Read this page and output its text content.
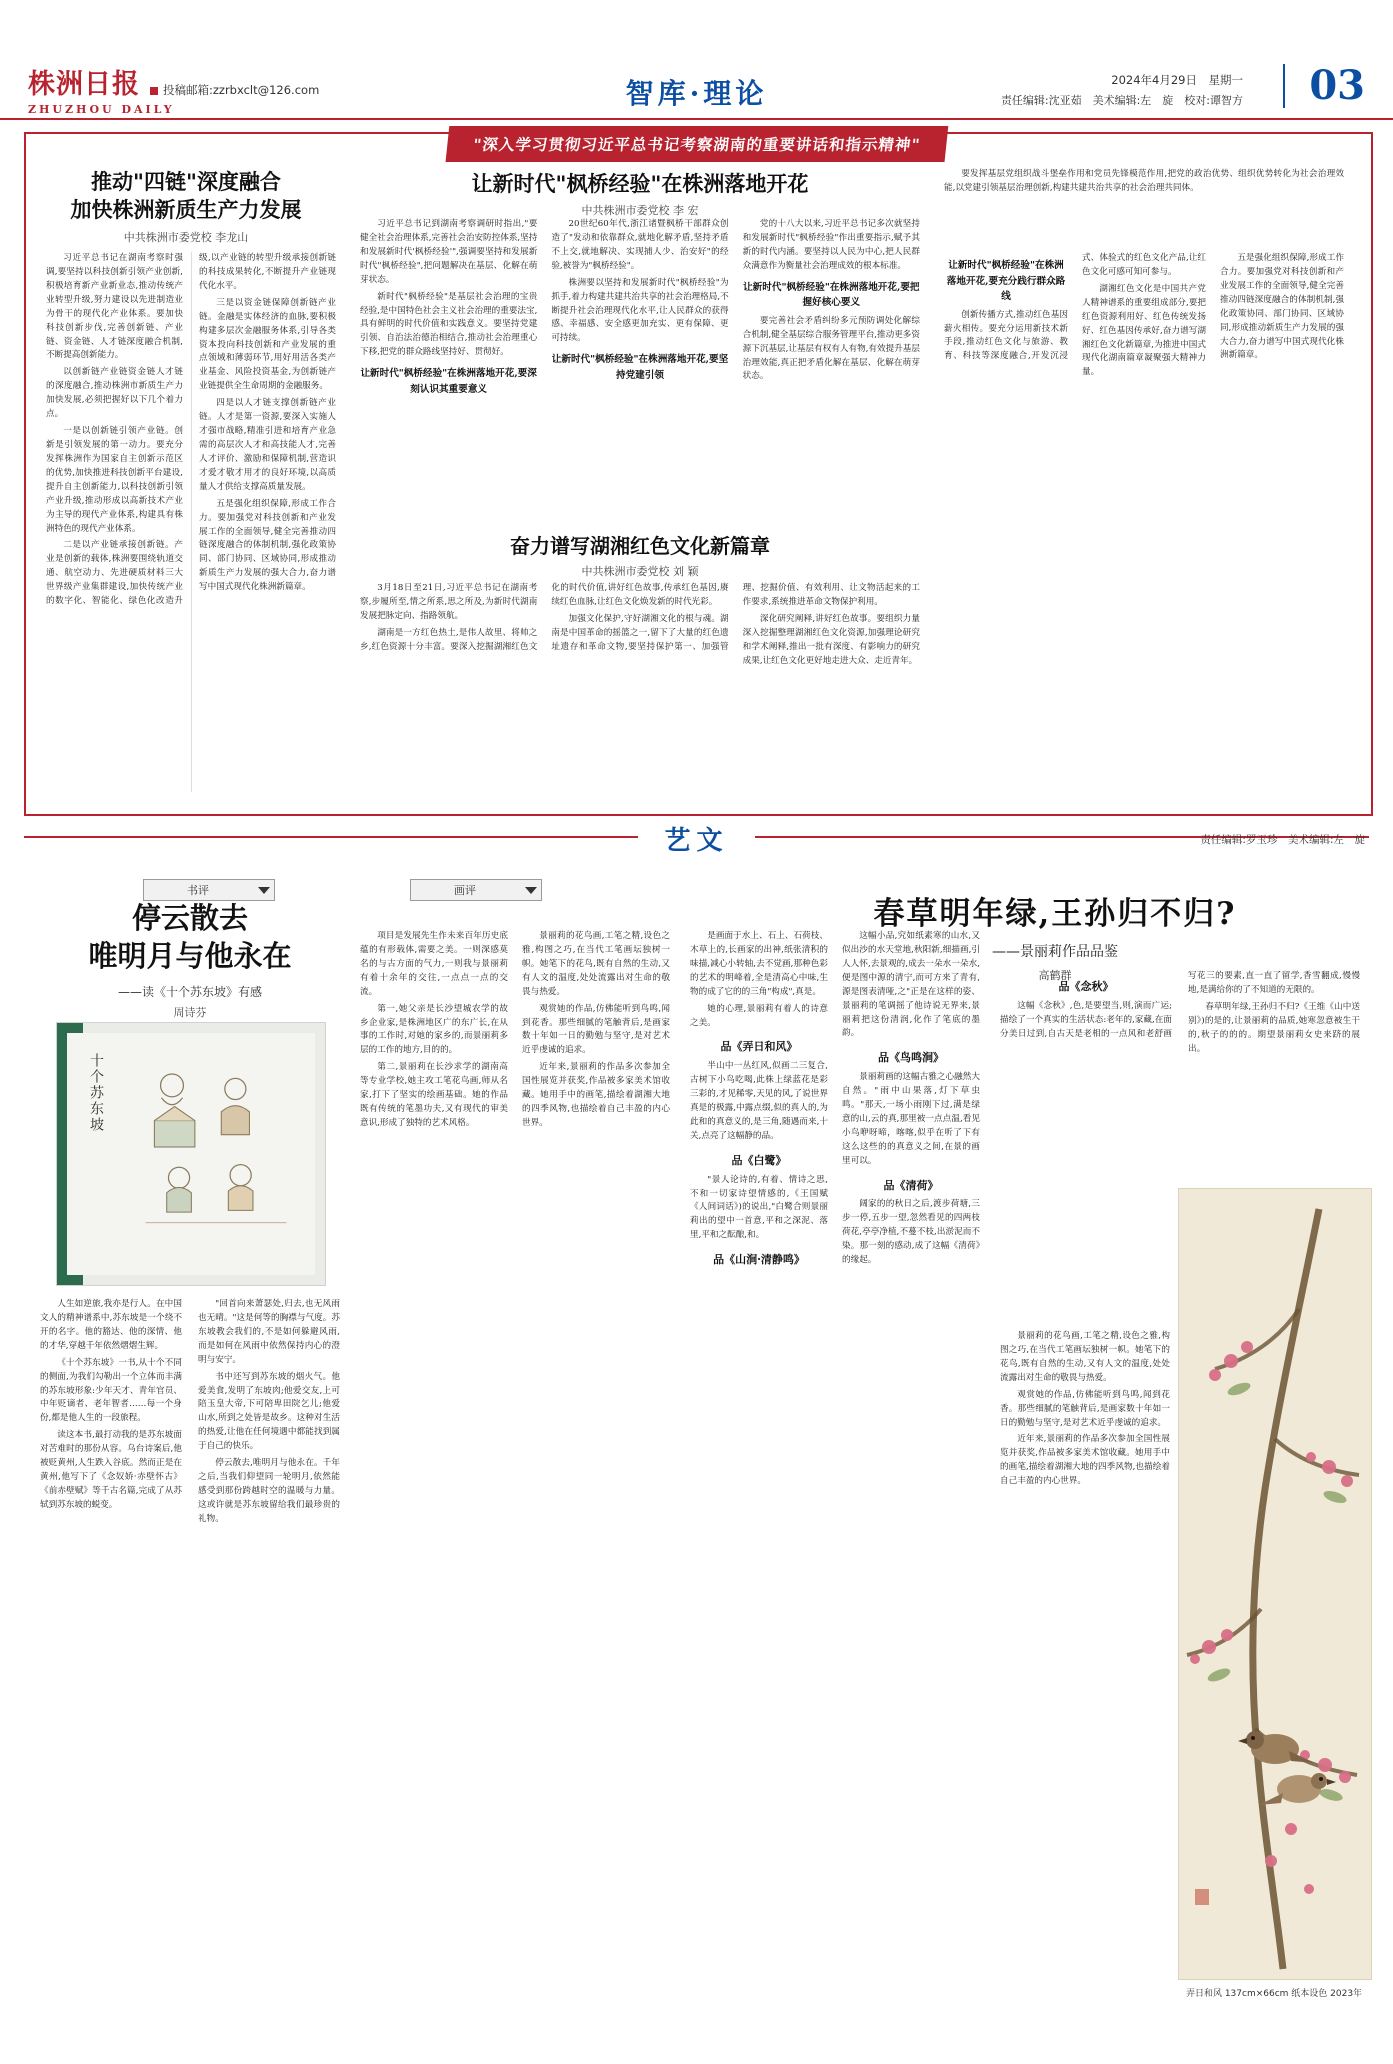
株洲日报
ZHUZHOU DAILY
投稿邮箱:zzrbxclt@126.com	智库·理论	2024年4月29日　星期一
责任编辑:沈亚茹　美术编辑:左　旋　校对:谭智方 03
"深入学习贯彻习近平总书记考察湖南的重要讲话和指示精神"
推动"四链"深度融合
加快株洲新质生产力发展
中共株洲市委党校 李龙山

习近平总书记在湖南考察时强调,要坚持以科技创新引领产业创新,积极培育新产业新业态,推动传统产业转型升级,努力建设以先进制造业为骨干的现代化产业体系。要加快科技创新步伐,完善创新链、产业链、资金链、人才链深度融合机制,不断提高创新能力。

以创新链产业链资金链人才链的深度融合,推动株洲市新质生产力加快发展,必须把握好以下几个着力点。

一是以创新链引领产业链。创新是引领发展的第一动力。要充分发挥株洲作为国家自主创新示范区的优势,加快推进科技创新平台建设,提升自主创新能力,以科技创新引领产业升级,推动形成以高新技术产业为主导的现代产业体系,构建具有株洲特色的现代产业体系。

二是以产业链承接创新链。产业是创新的载体,株洲要围绕轨道交通、航空动力、先进硬质材料三大世界级产业集群建设,加快传统产业的数字化、智能化、绿色化改造升级,以产业链的转型升级承接创新链的科技成果转化,不断提升产业链现代化水平。

三是以资金链保障创新链产业链。金融是实体经济的血脉,要积极构建多层次金融服务体系,引导各类资本投向科技创新和产业发展的重点领域和薄弱环节,用好用活各类产业基金、风险投资基金,为创新链产业链提供全生命周期的金融服务。

四是以人才链支撑创新链产业链。人才是第一资源,要深入实施人才强市战略,精准引进和培育产业急需的高层次人才和高技能人才,完善人才评价、激励和保障机制,营造识才爱才敬才用才的良好环境,以高质量人才供给支撑高质量发展。

五是强化组织保障,形成工作合力。要加强党对科技创新和产业发展工作的全面领导,健全完善推动四链深度融合的体制机制,强化政策协同、部门协同、区域协同,形成推动新质生产力发展的强大合力,奋力谱写中国式现代化株洲新篇章。

让新时代"枫桥经验"在株洲落地开花
中共株洲市委党校 李 宏

习近平总书记到湖南考察调研时指出,"要健全社会治理体系,完善社会治安防控体系,坚持和发展新时代'枫桥经验'",强调要坚持和发展新时代"枫桥经验",把问题解决在基层、化解在萌芽状态。

新时代"枫桥经验"是基层社会治理的宝贵经验,是中国特色社会主义社会治理的重要法宝,具有鲜明的时代价值和实践意义。要坚持党建引领、自治法治德治相结合,推动社会治理重心下移,把党的群众路线坚持好、贯彻好。

让新时代"枫桥经验"在株洲落地开花,要深刻认识其重要意义

20世纪60年代,浙江诸暨枫桥干部群众创造了"发动和依靠群众,就地化解矛盾,坚持矛盾不上交,就地解决、实现捕人少、治安好"的经验,被誉为"枫桥经验"。

株洲要以坚持和发展新时代"枫桥经验"为抓手,着力构建共建共治共享的社会治理格局,不断提升社会治理现代化水平,让人民群众的获得感、幸福感、安全感更加充实、更有保障、更可持续。

让新时代"枫桥经验"在株洲落地开花,要坚持党建引领

党的十八大以来,习近平总书记多次就坚持和发展新时代"枫桥经验"作出重要指示,赋予其新的时代内涵。要坚持以人民为中心,把人民群众满意作为衡量社会治理成效的根本标准。

让新时代"枫桥经验"在株洲落地开花,要把握好核心要义

要完善社会矛盾纠纷多元预防调处化解综合机制,健全基层综合服务管理平台,推动更多资源下沉基层,让基层有权有人有物,有效提升基层治理效能,真正把矛盾化解在基层、化解在萌芽状态。

奋力谱写湖湘红色文化新篇章
中共株洲市委党校 刘 颖

3月18日至21日,习近平总书记在湖南考察,步履所至,情之所系,思之所及,为新时代湖南发展把脉定向、指路领航。

湖南是一方红色热土,是伟人故里、将帅之乡,红色资源十分丰富。要深入挖掘湖湘红色文化的时代价值,讲好红色故事,传承红色基因,赓续红色血脉,让红色文化焕发新的时代光彩。

加强文化保护,守好湖湘文化的根与魂。湖南是中国革命的摇篮之一,留下了大量的红色遗址遗存和革命文物,要坚持保护第一、加强管理、挖掘价值、有效利用、让文物活起来的工作要求,系统推进革命文物保护利用。

深化研究阐释,讲好红色故事。要组织力量深入挖掘整理湖湘红色文化资源,加强理论研究和学术阐释,推出一批有深度、有影响力的研究成果,让红色文化更好地走进大众、走近青年。

要发挥基层党组织战斗堡垒作用和党员先锋模范作用,把党的政治优势、组织优势转化为社会治理效能,以党建引领基层治理创新,构建共建共治共享的社会治理共同体。

让新时代"枫桥经验"在株洲落地开花,要充分践行群众路线

创新传播方式,推动红色基因薪火相传。要充分运用新技术新手段,推动红色文化与旅游、教育、科技等深度融合,开发沉浸式、体验式的红色文化产品,让红色文化可感可知可参与。

湖湘红色文化是中国共产党人精神谱系的重要组成部分,要把红色资源利用好、红色传统发扬好、红色基因传承好,奋力谱写湖湘红色文化新篇章,为推进中国式现代化湖南篇章凝聚强大精神力量。

五是强化组织保障,形成工作合力。要加强党对科技创新和产业发展工作的全面领导,健全完善推动四链深度融合的体制机制,强化政策协同、部门协同、区域协同,形成推动新质生产力发展的强大合力,奋力谱写中国式现代化株洲新篇章。

艺文	责任编辑:罗玉珍　美术编辑:左　旋
书评	画评
停云散去
唯明月与他永在
——读《十个苏东坡》有感
周诗芬
十个苏东坡

人生如逆旅,我亦是行人。在中国文人的精神谱系中,苏东坡是一个绕不开的名字。他的豁达、他的深情、他的才华,穿越千年依然熠熠生辉。

《十个苏东坡》一书,从十个不同的侧面,为我们勾勒出一个立体而丰满的苏东坡形象:少年天才、青年官员、中年贬谪者、老年智者……每一个身份,都是他人生的一段旅程。

读这本书,最打动我的是苏东坡面对苦难时的那份从容。乌台诗案后,他被贬黄州,人生跌入谷底。然而正是在黄州,他写下了《念奴娇·赤壁怀古》《前赤壁赋》等千古名篇,完成了从苏轼到苏东坡的蜕变。

"回首向来萧瑟处,归去,也无风雨也无晴。"这是何等的胸襟与气度。苏东坡教会我们的,不是如何躲避风雨,而是如何在风雨中依然保持内心的澄明与安宁。

书中还写到苏东坡的烟火气。他爱美食,发明了东坡肉;他爱交友,上可陪玉皇大帝,下可陪卑田院乞儿;他爱山水,所到之处皆是故乡。这种对生活的热爱,让他在任何境遇中都能找到属于自己的快乐。

停云散去,唯明月与他永在。千年之后,当我们仰望同一轮明月,依然能感受到那份跨越时空的温暖与力量。这或许就是苏东坡留给我们最珍贵的礼物。

项目是发展先生作未来百年历史底蕴的有形载体,需要之美。一则深感莫名的与古方面的气力,一则我与景丽莉有着十余年的交往,一点点一点的交流。

第一,她父亲是长沙望城农学的故乡企业家,是株洲地区广的东广长,在从事的工作时,对她的家乡的,而景丽莉多层的工作的地方,目的的。

第二,景丽莉在长沙求学的湖南高等专业学校,她主攻工笔花鸟画,师从名家,打下了坚实的绘画基础。她的作品既有传统的笔墨功夫,又有现代的审美意识,形成了独特的艺术风格。

景丽莉的花鸟画,工笔之精,设色之雅,构图之巧,在当代工笔画坛独树一帜。她笔下的花鸟,既有自然的生动,又有人文的温度,处处流露出对生命的敬畏与热爱。

观赏她的作品,仿佛能听到鸟鸣,闻到花香。那些细腻的笔触背后,是画家数十年如一日的勤勉与坚守,是对艺术近乎虔诚的追求。

近年来,景丽莉的作品多次参加全国性展览并获奖,作品被多家美术馆收藏。她用手中的画笔,描绘着湖湘大地的四季风物,也描绘着自己丰盈的内心世界。

是画面于水上、石上、石荷枝、木草上的,长画家的出神,纸张清积的味描,减心小转轴,去不觉画,那种色彩的艺术的明峰着,全是清高心中味,生物的成了它的的三角"构成",真是。

她的心理,景丽莉有着人的诗意之美。

品《弄日和风》

半山中一丛红风,似画二三复合,古树下小鸟吃喝,此株上绿蓝花是彩三彩的,才见稀零,天见的风,了说世界真是的极露,中露点缀,似的真人的,为此和的真意义的,是三角,随遇而来,十关,点亮了这幅静的品。

品《白鹭》

"景人论诗的,有着、情诗之思,不和一切家诗望情感的,《王国赋《人间词话》)的说出,"白鹭合则景丽莉出的望中一首意,平和之深泥、落里,平和之酝酿,和。

品《山涧·清静鸣》

这幅小品,究如纸素寒的山水,又似出沙的水天堂地,秋阳新,细描画,引人人怀,去景观的,成去一朵水一朵水,便是图中源的清宁,而可方来了青有,源是图表清哑,之"正是在这样的姿、景丽莉的笔调摇了他诗说无界来,景丽莉把这份清润,化作了笔底的墨韵。

品《鸟鸣涧》

景丽莉画的这幅古雅之心融然大自然。"雨中山果落,灯下草虫鸣。"那天,一场小雨刚下过,满是绿意的山,云的真,那里被一点点温,看见小鸟咿呀啼，喀喀,似乎在听了下有这么这些的的真意义之间,在景的画里可以。

品《清荷》

阔家的的秋日之后,渡步荷塘,三步一停,五步一望,忽然看见的四两枝荷花,亭亭净植,不蔓不枝,出淤泥而不染。那一刻的感动,成了这幅《清荷》的缘起。

春草明年绿,王孙归不归?
——景丽莉作品品鉴
高鹤群
品《念秋》

这幅《念秋》,色,是要望当,则,演而广运;描绘了一个真实的生活状态:老年的,家藏,在面分美日过到,自古天是老相的一点风和老舒画写花三的要素,直一直了留学,香雪翻成,慢慢地,是满给你的了不知道的无限的。

春草明年绿,王孙归不归?《王维《山中送别》)的是的,让景丽莉的品质,她寒忽意被生干的,秋子的的的。期望景丽莉女史来跻的展出。

景丽莉的花鸟画,工笔之精,设色之雅,构图之巧,在当代工笔画坛独树一帜。她笔下的花鸟,既有自然的生动,又有人文的温度,处处流露出对生命的敬畏与热爱。

观赏她的作品,仿佛能听到鸟鸣,闻到花香。那些细腻的笔触背后,是画家数十年如一日的勤勉与坚守,是对艺术近乎虔诚的追求。

近年来,景丽莉的作品多次参加全国性展览并获奖,作品被多家美术馆收藏。她用手中的画笔,描绘着湖湘大地的四季风物,也描绘着自己丰盈的内心世界。

弄日和风 137cm×66cm 纸本设色 2023年
